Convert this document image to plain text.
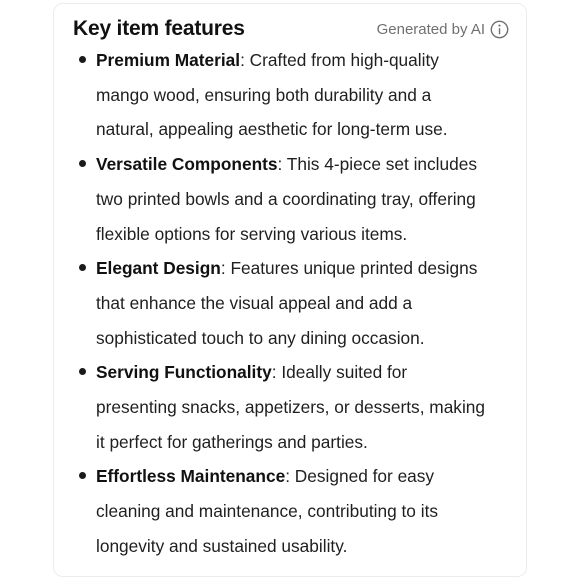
Key item features	Generated by AI
Premium Material: Crafted from high-quality
mango wood, ensuring both durability and a
natural, appealing aesthetic for long-term use.
Versatile Components: This 4-piece set includes
two printed bowls and a coordinating tray, offering
flexible options for serving various items.
Elegant Design: Features unique printed designs
that enhance the visual appeal and add a
sophisticated touch to any dining occasion.
Serving Functionality: Ideally suited for
presenting snacks, appetizers, or desserts, making
it perfect for gatherings and parties.
Effortless Maintenance: Designed for easy
cleaning and maintenance, contributing to its
longevity and sustained usability.
